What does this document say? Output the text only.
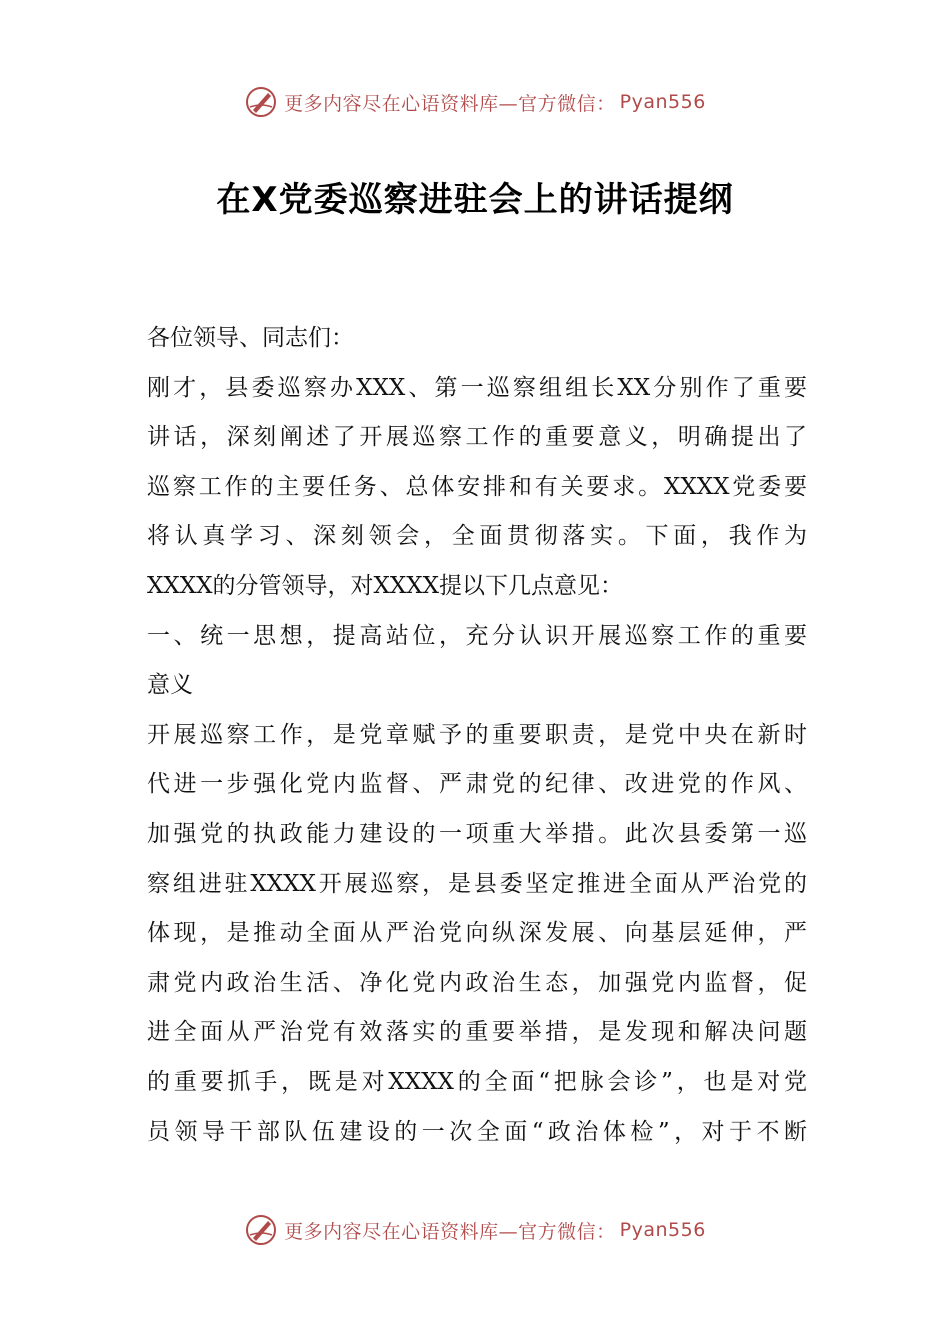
更多内容尽在心语资料库—官方微信： Pyan556
在X党委巡察进驻会上的讲话提纲
各位领导、同志们：
刚才，县委巡察办XXX、第一巡察组组长XX分别作了重要
讲话，深刻阐述了开展巡察工作的重要意义，明确提出了
巡察工作的主要任务、总体安排和有关要求。XXXX党委要
将认真学习、深刻领会，全面贯彻落实。下面，我作为
XXXX的分管领导，对XXXX提以下几点意见：
一、统一思想，提高站位，充分认识开展巡察工作的重要
意义
开展巡察工作，是党章赋予的重要职责，是党中央在新时
代进一步强化党内监督、严肃党的纪律、改进党的作风、
加强党的执政能力建设的一项重大举措。此次县委第一巡
察组进驻XXXX开展巡察，是县委坚定推进全面从严治党的
体现，是推动全面从严治党向纵深发展、向基层延伸，严
肃党内政治生活、净化党内政治生态，加强党内监督，促
进全面从严治党有效落实的重要举措，是发现和解决问题
的重要抓手，既是对XXXX的全面“把脉会诊”，也是对党
员领导干部队伍建设的一次全面“政治体检”，对于不断
更多内容尽在心语资料库—官方微信： Pyan556
